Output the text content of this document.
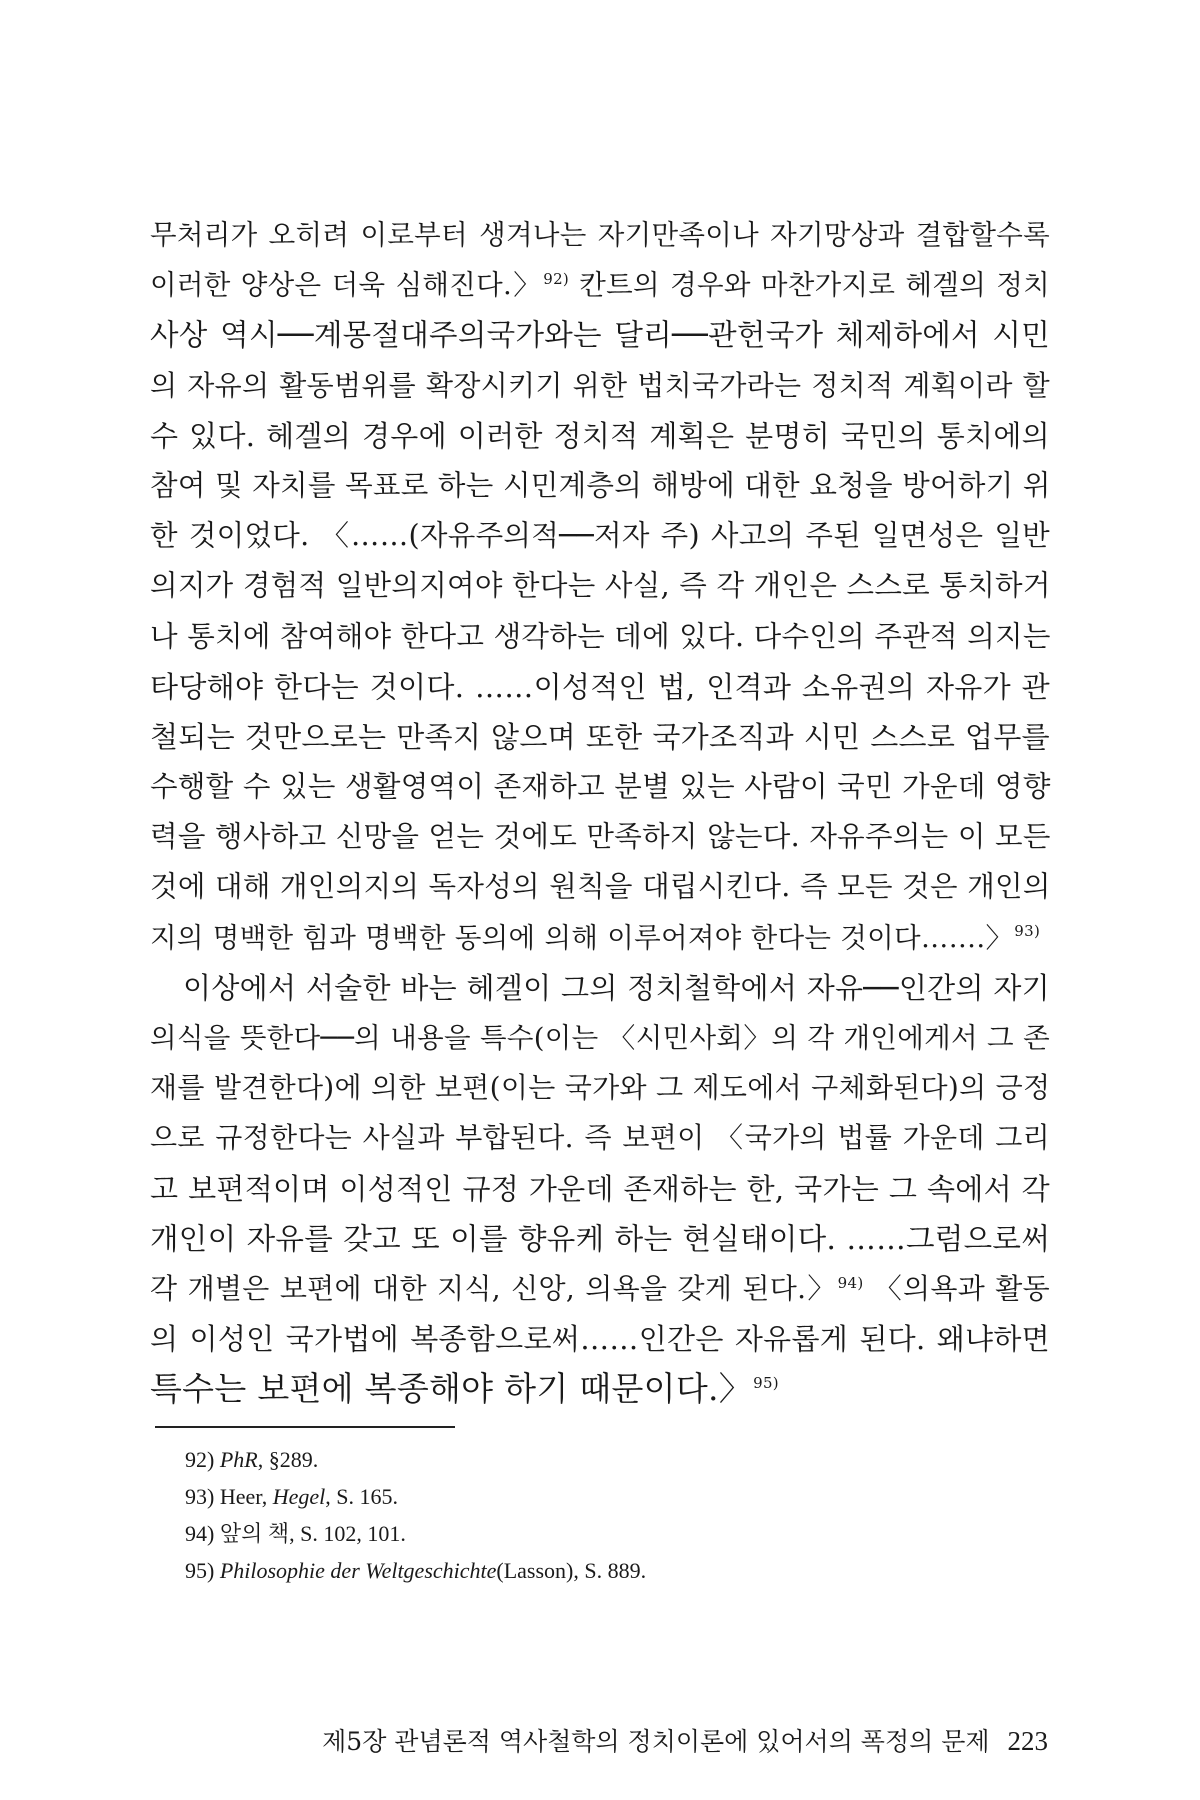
무처리가 오히려 이로부터 생겨나는 자기만족이나 자기망상과 결합할수록
이러한 양상은 더욱 심해진다.〉$^{92)}$ 칸트의 경우와 마찬가지로 헤겔의 정치
사상 역시──계몽절대주의국가와는 달리──관헌국가 체제하에서 시민
의 자유의 활동범위를 확장시키기 위한 법치국가라는 정치적 계획이라 할
수 있다. 헤겔의 경우에 이러한 정치적 계획은 분명히 국민의 통치에의
참여 및 자치를 목표로 하는 시민계층의 해방에 대한 요청을 방어하기 위
한 것이었다. 〈……(자유주의적──저자 주) 사고의 주된 일면성은 일반
의지가 경험적 일반의지여야 한다는 사실, 즉 각 개인은 스스로 통치하거
나 통치에 참여해야 한다고 생각하는 데에 있다. 다수인의 주관적 의지는
타당해야 한다는 것이다. ……이성적인 법, 인격과 소유권의 자유가 관
철되는 것만으로는 만족지 않으며 또한 국가조직과 시민 스스로 업무를
수행할 수 있는 생활영역이 존재하고 분별 있는 사람이 국민 가운데 영향
력을 행사하고 신망을 얻는 것에도 만족하지 않는다. 자유주의는 이 모든
것에 대해 개인의지의 독자성의 원칙을 대립시킨다. 즉 모든 것은 개인의
지의 명백한 힘과 명백한 동의에 의해 이루어져야 한다는 것이다…….〉$^{93)}$
이상에서 서술한 바는 헤겔이 그의 정치철학에서 자유──인간의 자기
의식을 뜻한다──의 내용을 특수(이는 〈시민사회〉의 각 개인에게서 그 존
재를 발견한다)에 의한 보편(이는 국가와 그 제도에서 구체화된다)의 긍정
으로 규정한다는 사실과 부합된다. 즉 보편이 〈국가의 법률 가운데 그리
고 보편적이며 이성적인 규정 가운데 존재하는 한, 국가는 그 속에서 각
개인이 자유를 갖고 또 이를 향유케 하는 현실태이다. ……그럼으로써
각 개별은 보편에 대한 지식, 신앙, 의욕을 갖게 된다.〉$^{94)}$ 〈의욕과 활동
의 이성인 국가법에 복종함으로써……인간은 자유롭게 된다. 왜냐하면
특수는 보편에 복종해야 하기 때문이다.〉$^{95)}$
92) PhR, §289.
93) Heer, Hegel, S. 165.
94) 앞의 책, S. 102, 101.
95) Philosophie der Weltgeschichte(Lasson), S. 889.
제5장 관념론적 역사철학의 정치이론에 있어서의 폭정의 문제 223
